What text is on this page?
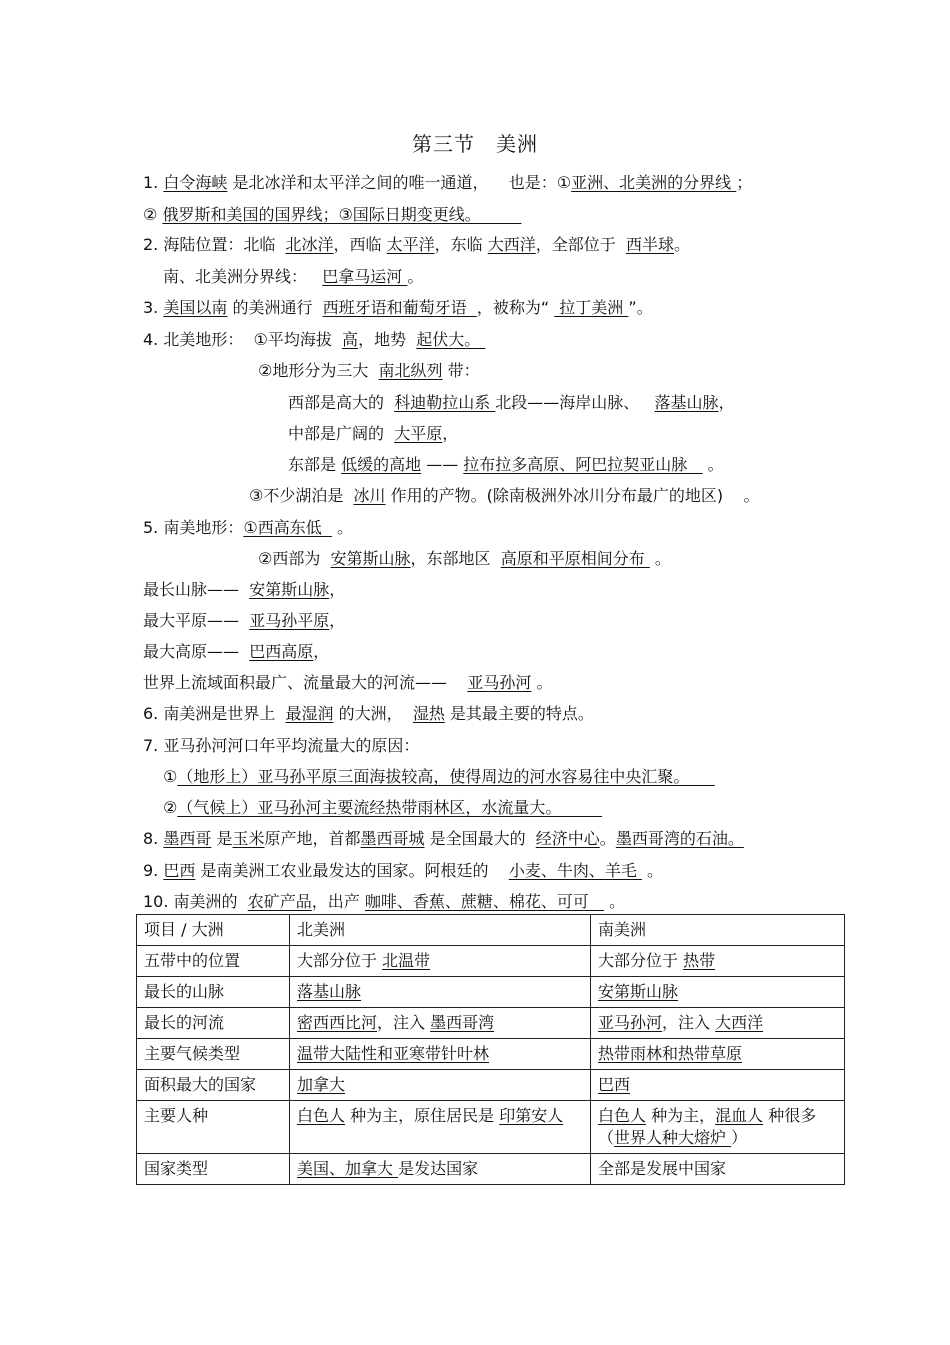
第三节　美洲
1. 白令海峡 是北冰洋和太平洋之间的唯一通道，    也是：①亚洲、北美洲的分界线 ；
② 俄罗斯和美国的国界线；③国际日期变更线。
2. 海陆位置：北临  北冰洋，西临 太平洋，东临 大西洋，全部位于  西半球。
南、北美洲分界线：   巴拿马运河 。
3. 美国以南 的美洲通行  西班牙语和葡萄牙语  ，被称为“  拉丁美洲 ”。
4. 北美地形：  ①平均海拔  高，地势  起伏大。
②地形分为三大  南北纵列 带：
西部是高大的  科迪勒拉山系 北段——海岸山脉、   落基山脉，
中部是广阔的  大平原，
东部是 低缓的高地 —— 拉布拉多高原、阿巴拉契亚山脉    。
③不少湖泊是  冰川 作用的产物。(除南极洲外冰川分布最广的地区)    。
5. 南美地形：①西高东低   。
②西部为  安第斯山脉，东部地区  高原和平原相间分布  。
最长山脉——  安第斯山脉，
最大平原——  亚马孙平原，
最大高原——  巴西高原，
世界上流域面积最广、流量最大的河流——    亚马孙河 。
6. 南美洲是世界上  最湿润 的大洲，  湿热 是其最主要的特点。
7. 亚马孙河河口年平均流量大的原因：
①（地形上）亚马孙平原三面海拔较高，使得周边的河水容易往中央汇聚。
②（气候上）亚马孙河主要流经热带雨林区，水流量大。
8. 墨西哥 是玉米原产地，首都墨西哥城 是全国最大的  经济中心。墨西哥湾的石油。
9. 巴西 是南美洲工农业最发达的国家。阿根廷的    小麦、牛肉、羊毛  。
10. 南美洲的  农矿产品，出产 咖啡、香蕉、蔗糖、棉花、可可    。
项目 / 大洲	北美洲	南美洲
五带中的位置	大部分位于 北温带	大部分位于 热带
最长的山脉	落基山脉	安第斯山脉
最长的河流	密西西比河，注入 墨西哥湾	亚马孙河，注入 大西洋
主要气候类型	温带大陆性和亚寒带针叶林	热带雨林和热带草原
面积最大的国家	加拿大	巴西
主要人种	白色人 种为主，原住居民是 印第安人	白色人 种为主，混血人 种很多 （世界人种大熔炉 ）
国家类型	美国、加拿大 是发达国家	全部是发展中国家
